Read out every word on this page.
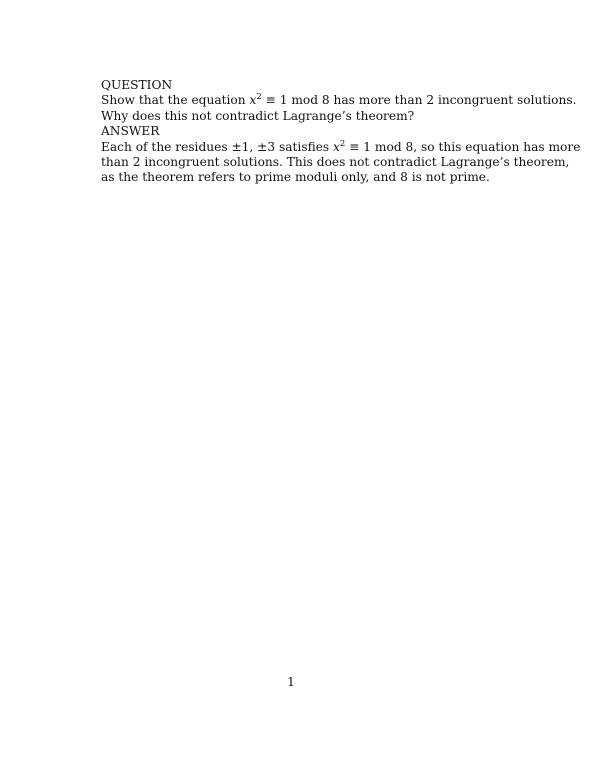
QUESTION
Show that the equation $x^2 \equiv 1$ mod 8 has more than 2 incongruent solutions.
Why does this not contradict Lagrange’s theorem?
ANSWER
Each of the residues ±1, ±3 satisfies $x^2 \equiv 1$ mod 8, so this equation has more
than 2 incongruent solutions. This does not contradict Lagrange’s theorem,
as the theorem refers to prime moduli only, and 8 is not prime.
1
